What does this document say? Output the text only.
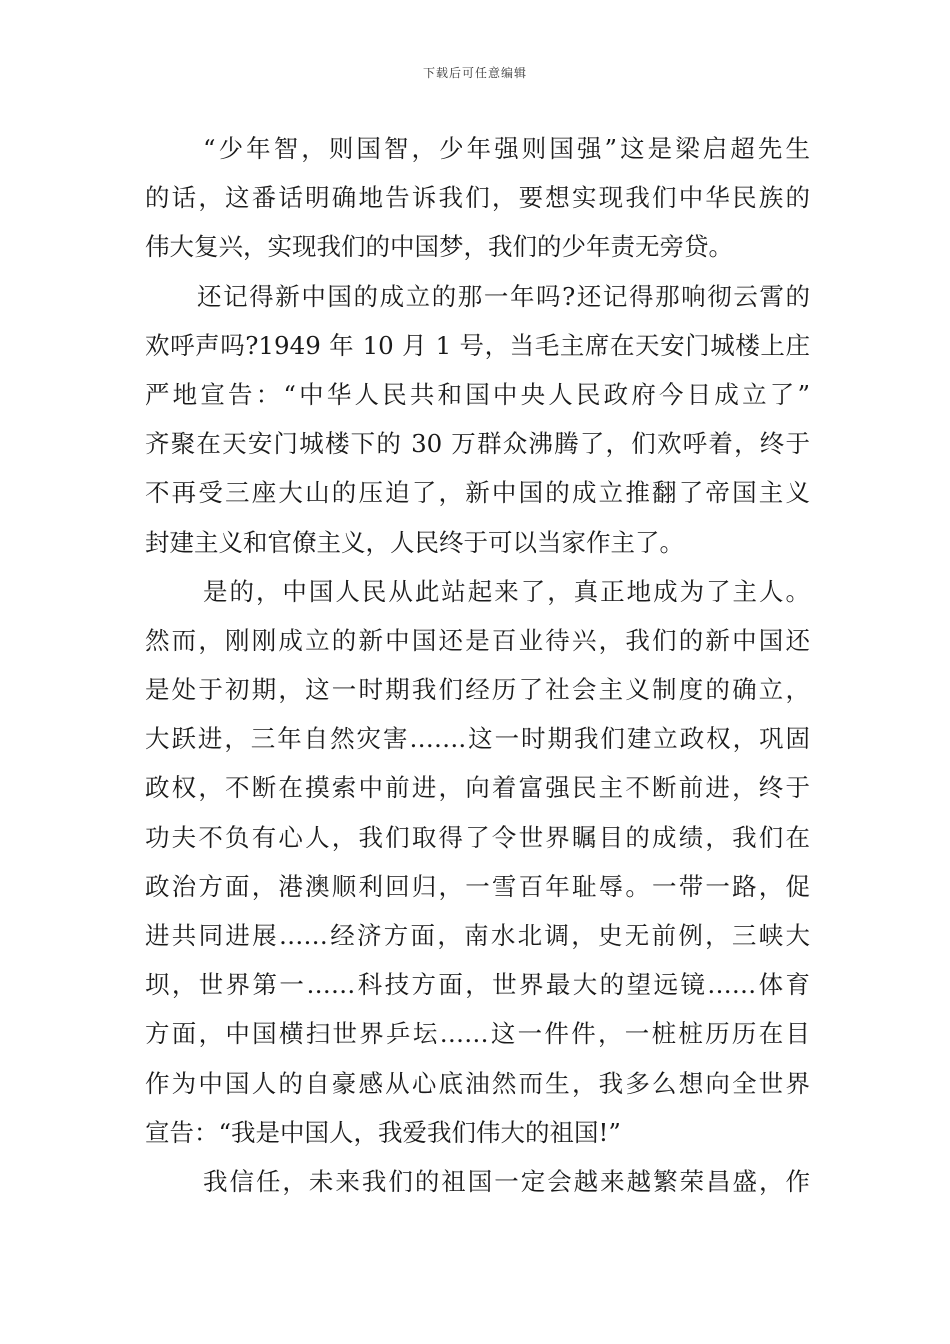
下载后可任意编辑
“少年智，则国智，少年强则国强”这是梁启超先生
的话，这番话明确地告诉我们，要想实现我们中华民族的
伟大复兴，实现我们的中国梦，我们的少年责无旁贷。
还记得新中国的成立的那一年吗?还记得那响彻云霄的
欢呼声吗?1949 年 10 月 1 号，当毛主席在天安门城楼上庄
严地宣告：“中华人民共和国中央人民政府今日成立了”
齐聚在天安门城楼下的 30 万群众沸腾了，们欢呼着，终于
不再受三座大山的压迫了，新中国的成立推翻了帝国主义
封建主义和官僚主义，人民终于可以当家作主了。
是的，中国人民从此站起来了，真正地成为了主人。
然而，刚刚成立的新中国还是百业待兴，我们的新中国还
是处于初期，这一时期我们经历了社会主义制度的确立，
大跃进，三年自然灾害…….这一时期我们建立政权，巩固
政权，不断在摸索中前进，向着富强民主不断前进，终于
功夫不负有心人，我们取得了令世界瞩目的成绩，我们在
政治方面，港澳顺利回归，一雪百年耻辱。一带一路，促
进共同进展……经济方面，南水北调，史无前例，三峡大
坝，世界第一……科技方面，世界最大的望远镜……体育
方面，中国横扫世界乒坛……这一件件，一桩桩历历在目
作为中国人的自豪感从心底油然而生，我多么想向全世界
宣告：“我是中国人，我爱我们伟大的祖国!”
我信任，未来我们的祖国一定会越来越繁荣昌盛，作
